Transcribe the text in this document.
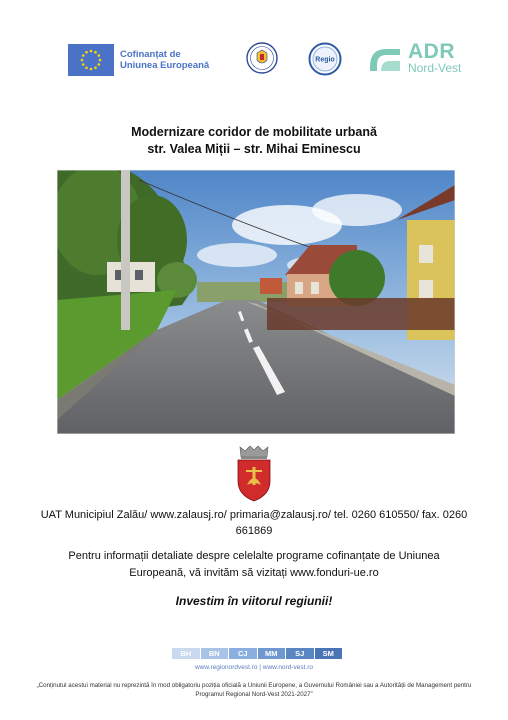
Cofinanțat de
Uniunea Europeană	Regio	ADR
Nord-Vest
Modernizare coridor de mobilitate urbană
str. Valea Miții – str. Mihai Eminescu
UAT Municipiul Zalău/ www.zalausj.ro/ primaria@zalausj.ro/ tel. 0260 610550/ fax. 0260 661869
Pentru informații detaliate despre celelalte programe cofinanțate de Uniunea Europeană, vă invităm să vizitați www.fonduri-ue.ro
Investim în viitorul regiunii!
BH	BN	CJ	MM	SJ	SM
www.regionordvest.ro | www.nord-vest.ro
„Conținutul acestui material nu reprezintă în mod obligatoriu poziția oficială a Uniunii Europene, a Guvernului României sau a Autorității de Management pentru Programul Regional Nord-Vest 2021-2027”
